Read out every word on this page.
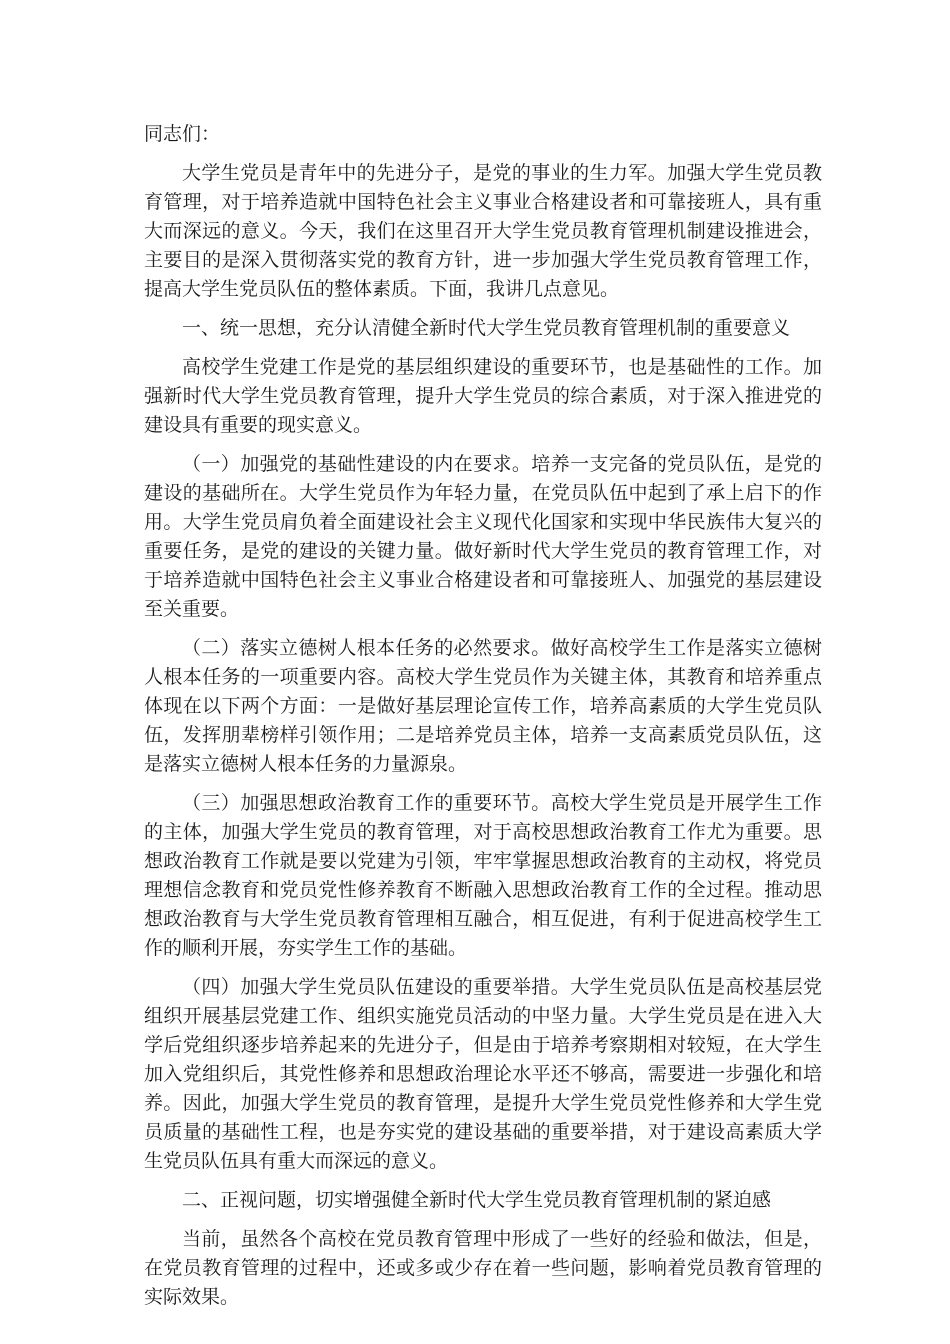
同志们：

大学生党员是青年中的先进分子，是党的事业的生力军。加强大学生党员教育管理，对于培养造就中国特色社会主义事业合格建设者和可靠接班人，具有重大而深远的意义。今天，我们在这里召开大学生党员教育管理机制建设推进会，主要目的是深入贯彻落实党的教育方针，进一步加强大学生党员教育管理工作，提高大学生党员队伍的整体素质。下面，我讲几点意见。

一、统一思想，充分认清健全新时代大学生党员教育管理机制的重要意义

高校学生党建工作是党的基层组织建设的重要环节，也是基础性的工作。加强新时代大学生党员教育管理，提升大学生党员的综合素质，对于深入推进党的建设具有重要的现实意义。

（一）加强党的基础性建设的内在要求。培养一支完备的党员队伍，是党的建设的基础所在。大学生党员作为年轻力量，在党员队伍中起到了承上启下的作用。大学生党员肩负着全面建设社会主义现代化国家和实现中华民族伟大复兴的重要任务，是党的建设的关键力量。做好新时代大学生党员的教育管理工作，对于培养造就中国特色社会主义事业合格建设者和可靠接班人、加强党的基层建设至关重要。

（二）落实立德树人根本任务的必然要求。做好高校学生工作是落实立德树人根本任务的一项重要内容。高校大学生党员作为关键主体，其教育和培养重点体现在以下两个方面：一是做好基层理论宣传工作，培养高素质的大学生党员队伍，发挥朋辈榜样引领作用；二是培养党员主体，培养一支高素质党员队伍，这是落实立德树人根本任务的力量源泉。

（三）加强思想政治教育工作的重要环节。高校大学生党员是开展学生工作的主体，加强大学生党员的教育管理，对于高校思想政治教育工作尤为重要。思想政治教育工作就是要以党建为引领，牢牢掌握思想政治教育的主动权，将党员理想信念教育和党员党性修养教育不断融入思想政治教育工作的全过程。推动思想政治教育与大学生党员教育管理相互融合，相互促进，有利于促进高校学生工作的顺利开展，夯实学生工作的基础。

（四）加强大学生党员队伍建设的重要举措。大学生党员队伍是高校基层党组织开展基层党建工作、组织实施党员活动的中坚力量。大学生党员是在进入大学后党组织逐步培养起来的先进分子，但是由于培养考察期相对较短，在大学生加入党组织后，其党性修养和思想政治理论水平还不够高，需要进一步强化和培养。因此，加强大学生党员的教育管理，是提升大学生党员党性修养和大学生党员质量的基础性工程，也是夯实党的建设基础的重要举措，对于建设高素质大学生党员队伍具有重大而深远的意义。

二、正视问题，切实增强健全新时代大学生党员教育管理机制的紧迫感

当前，虽然各个高校在党员教育管理中形成了一些好的经验和做法，但是，在党员教育管理的过程中，还或多或少存在着一些问题，影响着党员教育管理的实际效果。
